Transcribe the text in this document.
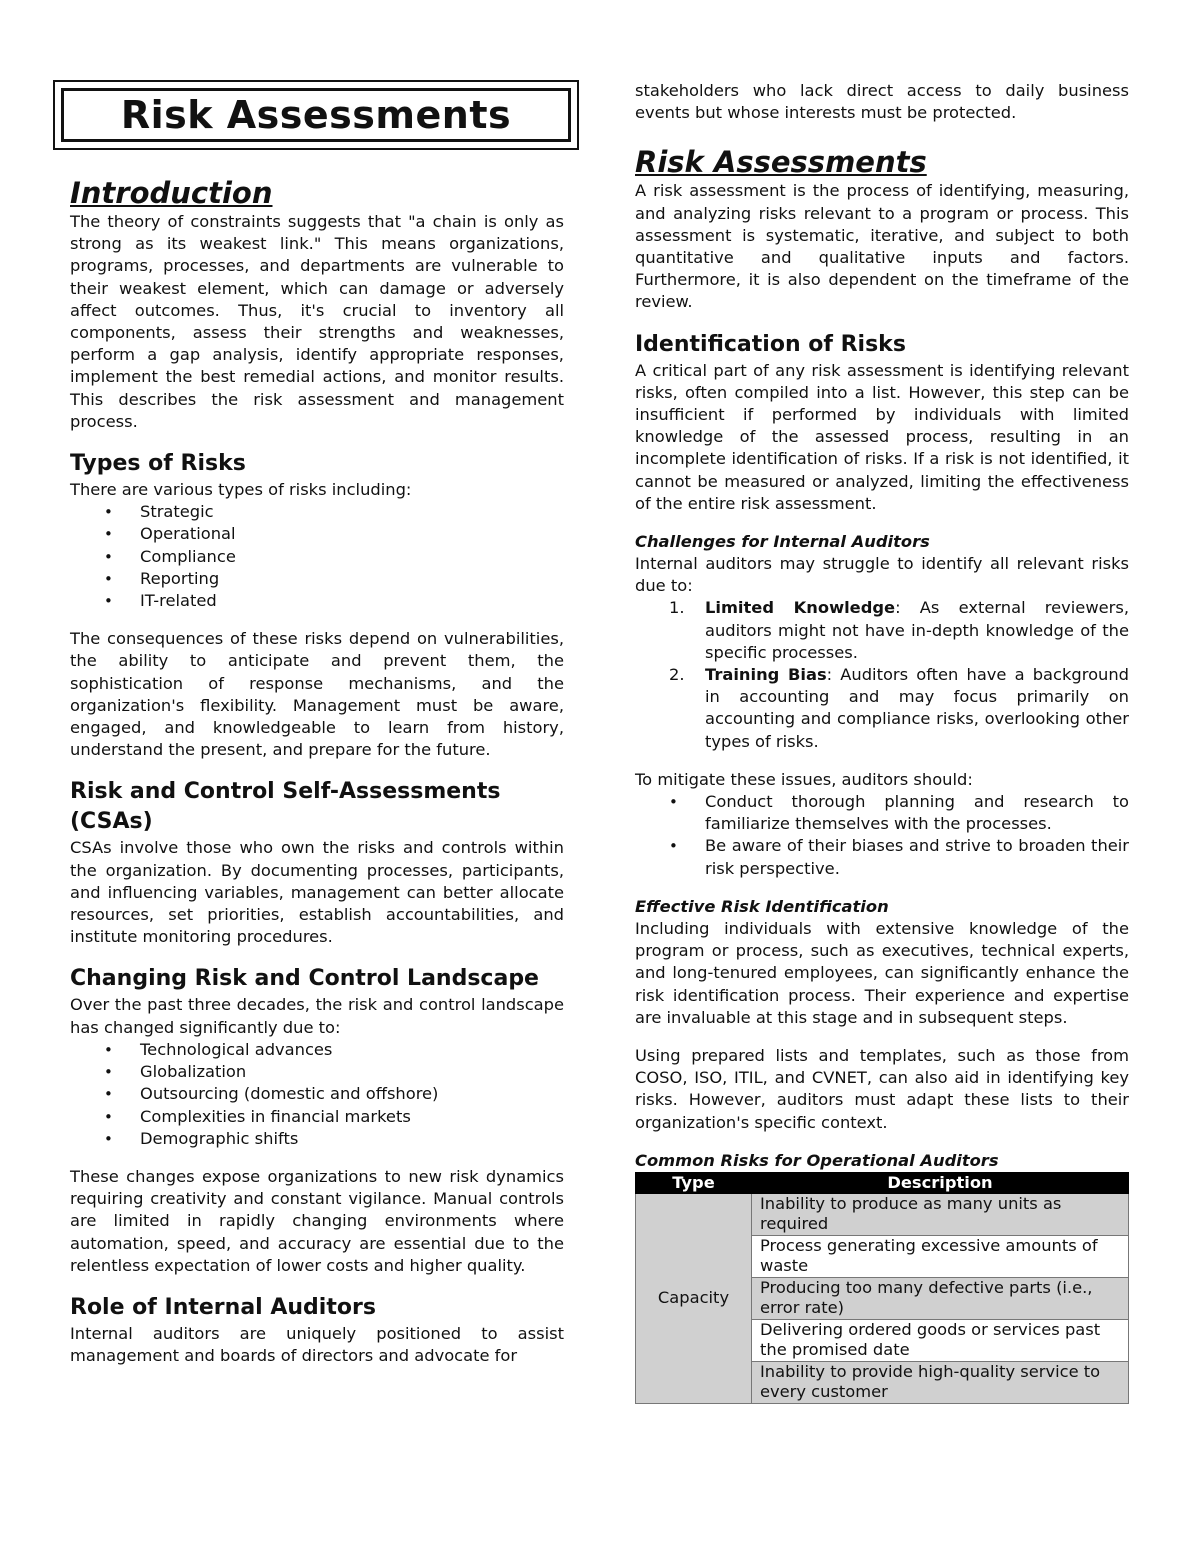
Risk Assessments
Introduction

The theory of constraints suggests that "a chain is only as strong as its weakest link." This means organizations, programs, processes, and departments are vulnerable to their weakest element, which can damage or adversely affect outcomes. Thus, it's crucial to inventory all components, assess their strengths and weaknesses, perform a gap analysis, identify appropriate responses, implement the best remedial actions, and monitor results. This describes the risk assessment and management process.

Types of Risks

There are various types of risks including:

• Strategic
• Operational
• Compliance
• Reporting
• IT-related

The consequences of these risks depend on vulnerabilities, the ability to anticipate and prevent them, the sophistication of response mechanisms, and the organization's flexibility. Management must be aware, engaged, and knowledgeable to learn from history, understand the present, and prepare for the future.

Risk and Control Self-Assessments (CSAs)

CSAs involve those who own the risks and controls within the organization. By documenting processes, participants, and influencing variables, management can better allocate resources, set priorities, establish accountabilities, and institute monitoring procedures.

Changing Risk and Control Landscape

Over the past three decades, the risk and control landscape has changed significantly due to:

• Technological advances
• Globalization
• Outsourcing (domestic and offshore)
• Complexities in financial markets
• Demographic shifts

These changes expose organizations to new risk dynamics requiring creativity and constant vigilance. Manual controls are limited in rapidly changing environments where automation, speed, and accuracy are essential due to the relentless expectation of lower costs and higher quality.

Role of Internal Auditors

Internal auditors are uniquely positioned to assist management and boards of directors and advocate for

stakeholders who lack direct access to daily business events but whose interests must be protected.

Risk Assessments

A risk assessment is the process of identifying, measuring, and analyzing risks relevant to a program or process. This assessment is systematic, iterative, and subject to both quantitative and qualitative inputs and factors. Furthermore, it is also dependent on the timeframe of the review.

Identification of Risks

A critical part of any risk assessment is identifying relevant risks, often compiled into a list. However, this step can be insufficient if performed by individuals with limited knowledge of the assessed process, resulting in an incomplete identification of risks. If a risk is not identified, it cannot be measured or analyzed, limiting the effectiveness of the entire risk assessment.

Challenges for Internal Auditors

Internal auditors may struggle to identify all relevant risks due to:

1. Limited Knowledge: As external reviewers, auditors might not have in-depth knowledge of the specific processes.
2. Training Bias: Auditors often have a background in accounting and may focus primarily on accounting and compliance risks, overlooking other types of risks.

To mitigate these issues, auditors should:

• Conduct thorough planning and research to familiarize themselves with the processes.
• Be aware of their biases and strive to broaden their risk perspective.
Effective Risk Identification

Including individuals with extensive knowledge of the program or process, such as executives, technical experts, and long-tenured employees, can significantly enhance the risk identification process. Their experience and expertise are invaluable at this stage and in subsequent steps.

Using prepared lists and templates, such as those from COSO, ISO, ITIL, and CVNET, can also aid in identifying key risks. However, auditors must adapt these lists to their organization's specific context.

Common Risks for Operational Auditors
Type	Description
Capacity	Inability to produce as many units as required
	Process generating excessive amounts of waste
	Producing too many defective parts (i.e., error rate)
	Delivering ordered goods or services past the promised date
	Inability to provide high-quality service to every customer
